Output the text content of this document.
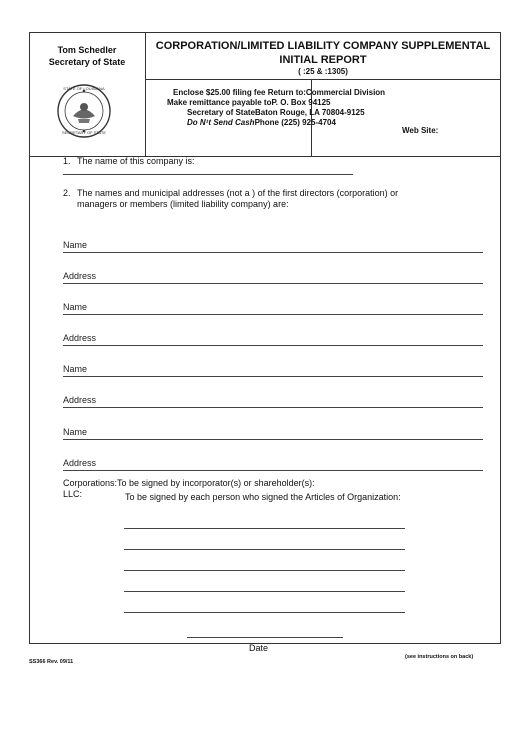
Tom Schedler
Secretary of State
STATE OF LOUISIANA
SECRETARY OF STATE
CORPORATION/LIMITED LIABILITY COMPANY SUPPLEMENTAL
INITIAL REPORT
( :25 & :1305)
Enclose $25.00 filing fee Return to:Commercial Division
Make remittance payable toP. O. Box 94125
Secretary of StateBaton Rouge, LA 70804-9125
Do N¹t Send CashPhone (225) 925-4704
Web Site:
1. The name of this company is:
2. The names and municipal addresses (not a ) of the first directors (corporation) or
managers or members (limited liability company) are:
Name
Address
Name
Address
Name
Address
Name
Address
Corporations: To be signed by incorporator(s) or shareholder(s):
LLC:	To be signed by each person who signed the Articles of Organization:
Date
SS366 Rev. 09/11
(see instructions on back)
